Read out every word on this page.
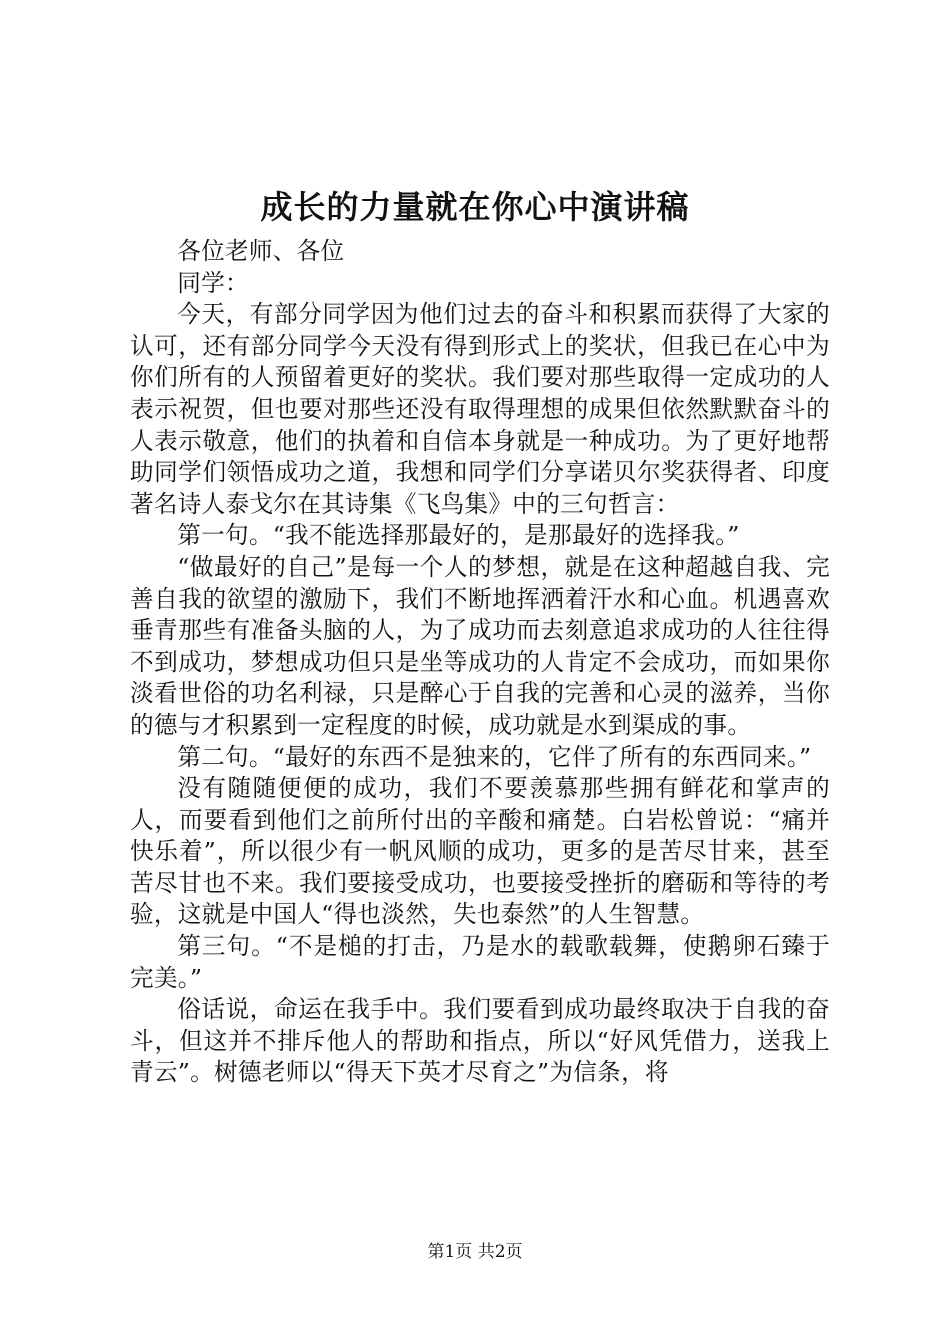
成长的力量就在你心中演讲稿

各位老师、各位

同学：

今天，有部分同学因为他们过去的奋斗和积累而获得了大家的认可，还有部分同学今天没有得到形式上的奖状，但我已在心中为你们所有的人预留着更好的奖状。我们要对那些取得一定成功的人表示祝贺，但也要对那些还没有取得理想的成果但依然默默奋斗的人表示敬意，他们的执着和自信本身就是一种成功。为了更好地帮助同学们领悟成功之道，我想和同学们分享诺贝尔奖获得者、印度著名诗人泰戈尔在其诗集《飞鸟集》中的三句哲言：

第一句。“我不能选择那最好的，是那最好的选择我。”

“做最好的自己”是每一个人的梦想，就是在这种超越自我、完善自我的欲望的激励下，我们不断地挥洒着汗水和心血。机遇喜欢垂青那些有准备头脑的人，为了成功而去刻意追求成功的人往往得不到成功，梦想成功但只是坐等成功的人肯定不会成功，而如果你淡看世俗的功名利禄，只是醉心于自我的完善和心灵的滋养，当你的德与才积累到一定程度的时候，成功就是水到渠成的事。

第二句。“最好的东西不是独来的，它伴了所有的东西同来。”

没有随随便便的成功，我们不要羡慕那些拥有鲜花和掌声的人，而要看到他们之前所付出的辛酸和痛楚。白岩松曾说：“痛并快乐着”，所以很少有一帆风顺的成功，更多的是苦尽甘来，甚至苦尽甘也不来。我们要接受成功，也要接受挫折的磨砺和等待的考验，这就是中国人“得也淡然，失也泰然”的人生智慧。

第三句。“不是槌的打击，乃是水的载歌载舞，使鹅卵石臻于完美。”

俗话说，命运在我手中。我们要看到成功最终取决于自我的奋斗，但这并不排斥他人的帮助和指点，所以“好风凭借力，送我上青云”。树德老师以“得天下英才尽育之”为信条，将

第1页 共2页
